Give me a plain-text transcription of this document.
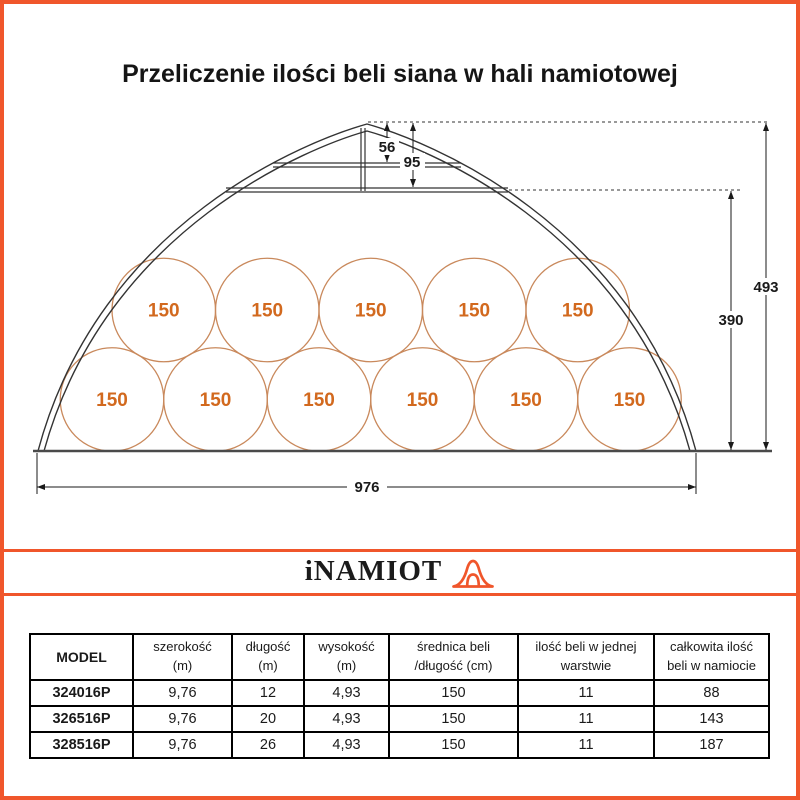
Przeliczenie ilości beli siana w hali namiotowej
150	150	150	150	150	150
150	150	150	150	150
56
95
493
390
976
iNAMIOT
MODEL

szerokość
(m)

długość
(m)

wysokość
(m)

średnica beli
/długość (cm)

ilość beli w jednej
warstwie

całkowita ilość
beli w namiocie

324016P	9,76	12	4,93	150	11	88
326516P	9,76	20	4,93	150	11	143
328516P	9,76	26	4,93	150	11	187
